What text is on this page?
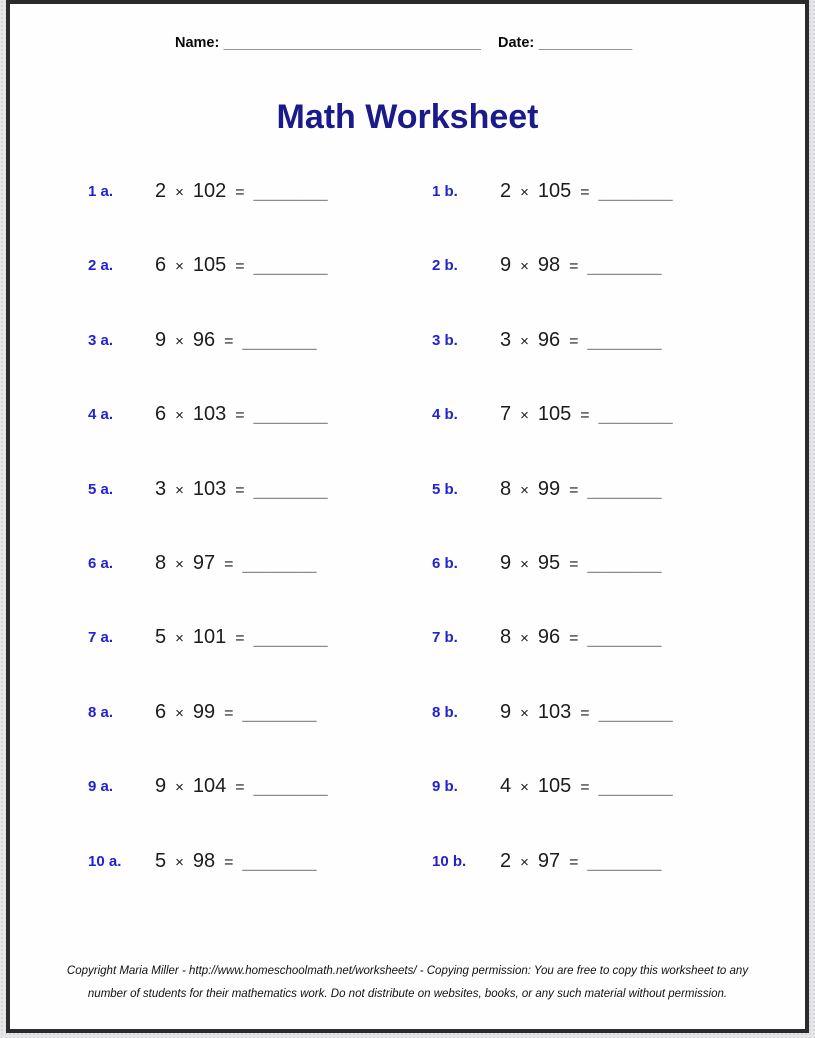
Name: _________________________________ Date: ____________
Math Worksheet
1 a. 2 × 102 = _______	1 b. 2 × 105 = _______
2 a. 6 × 105 = _______	2 b. 9 × 98 = _______
3 a. 9 × 96 = _______	3 b. 3 × 96 = _______
4 a. 6 × 103 = _______	4 b. 7 × 105 = _______
5 a. 3 × 103 = _______	5 b. 8 × 99 = _______
6 a. 8 × 97 = _______	6 b. 9 × 95 = _______
7 a. 5 × 101 = _______	7 b. 8 × 96 = _______
8 a. 6 × 99 = _______	8 b. 9 × 103 = _______
9 a. 9 × 104 = _______	9 b. 4 × 105 = _______
10 a. 5 × 98 = _______	10 b. 2 × 97 = _______
Copyright Maria Miller - http://www.homeschoolmath.net/worksheets/ - Copying permission: You are free to copy this worksheet to any
number of students for their mathematics work. Do not distribute on websites, books, or any such material without permission.
